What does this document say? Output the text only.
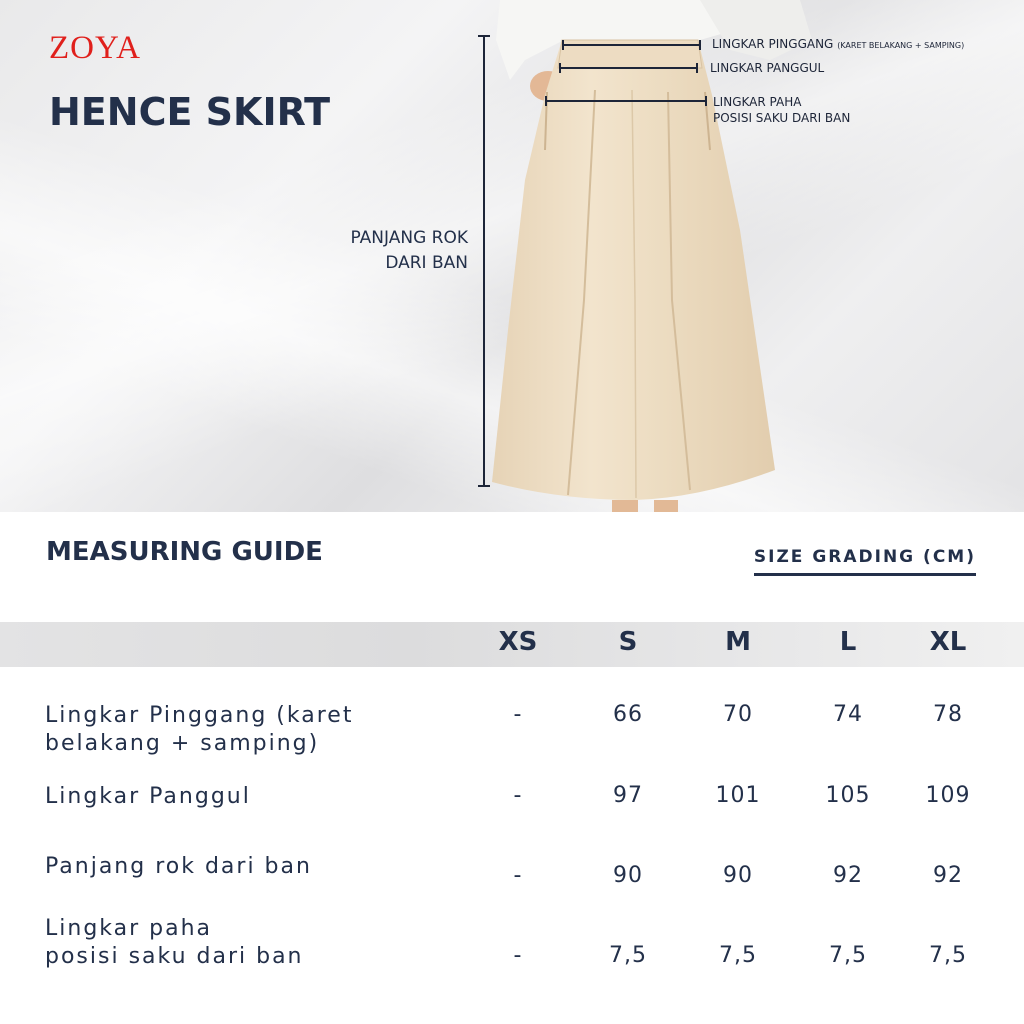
ZOYA
HENCE SKIRT
PANJANG ROK
DARI BAN
LINGKAR PINGGANG (KARET BELAKANG + SAMPING)
LINGKAR PANGGUL
LINGKAR PAHA
POSISI SAKU DARI BAN
MEASURING GUIDE	SIZE GRADING (CM)
XS	S	M	L	XL
Lingkar Pinggang (karet
belakang + samping)
-	66	70	74	78
Lingkar Panggul	-	97	101	105	109
Panjang rok dari ban	-	90	90	92	92
Lingkar paha
posisi saku dari ban	-	7,5	7,5	7,5	7,5
